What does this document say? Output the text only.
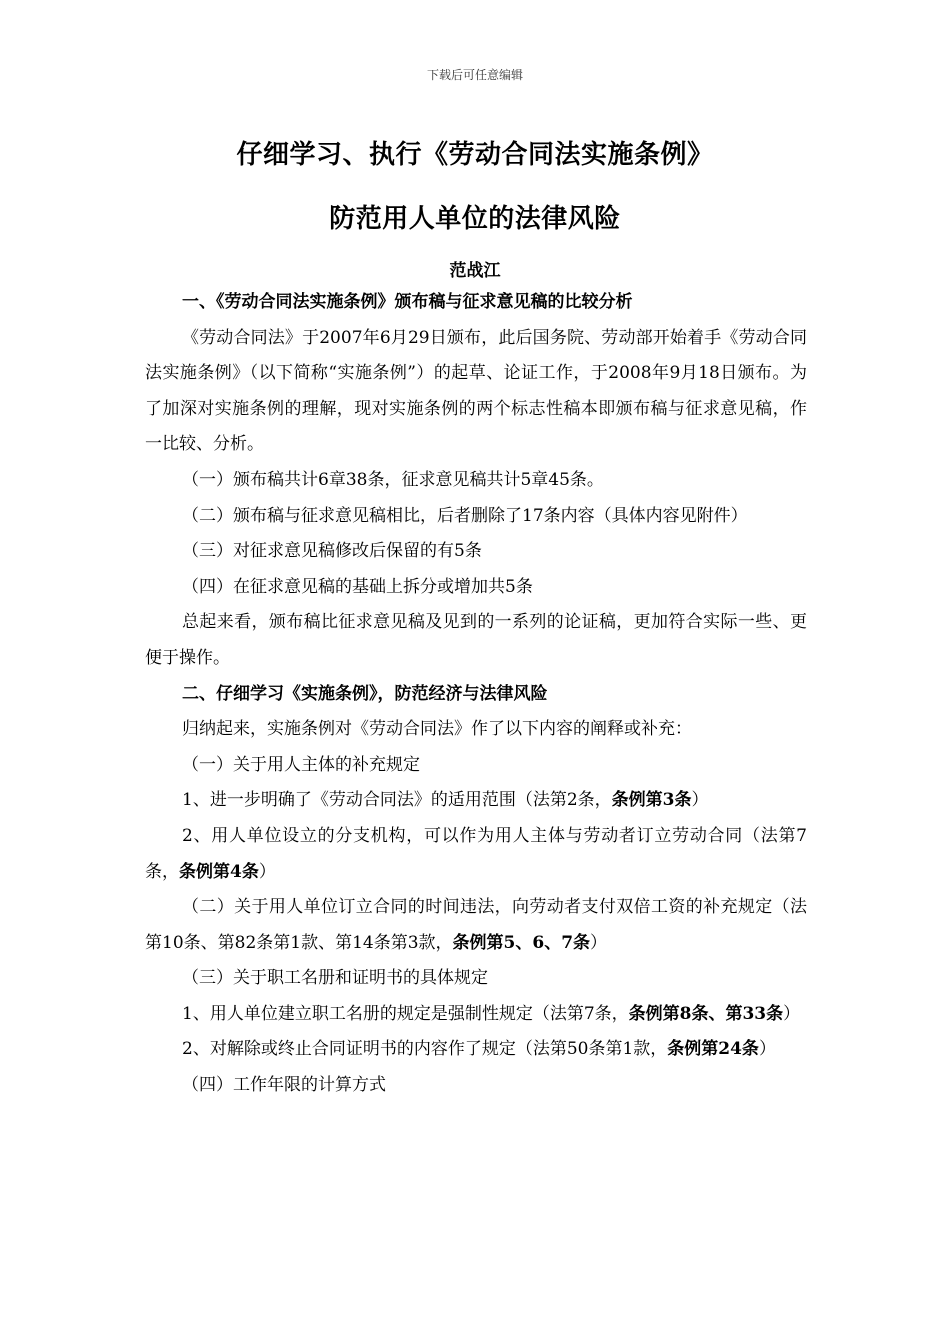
下载后可任意编辑
仔细学习、执行《劳动合同法实施条例》
防范用人单位的法律风险
范战江

一、《劳动合同法实施条例》颁布稿与征求意见稿的比较分析

《劳动合同法》于2007年6月29日颁布，此后国务院、劳动部开始着手《劳动合同法实施条例》（以下简称“实施条例”）的起草、论证工作，于2008年9月18日颁布。为了加深对实施条例的理解，现对实施条例的两个标志性稿本即颁布稿与征求意见稿，作一比较、分析。

（一）颁布稿共计6章38条，征求意见稿共计5章45条。

（二）颁布稿与征求意见稿相比，后者删除了17条内容（具体内容见附件）

（三）对征求意见稿修改后保留的有5条

（四）在征求意见稿的基础上拆分或增加共5条

总起来看，颁布稿比征求意见稿及见到的一系列的论证稿，更加符合实际一些、更便于操作。

二、仔细学习《实施条例》，防范经济与法律风险

归纳起来，实施条例对《劳动合同法》作了以下内容的阐释或补充：

（一）关于用人主体的补充规定

1、进一步明确了《劳动合同法》的适用范围（法第2条，条例第3条）

2、用人单位设立的分支机构，可以作为用人主体与劳动者订立劳动合同（法第7条，条例第4条）

（二）关于用人单位订立合同的时间违法，向劳动者支付双倍工资的补充规定（法第10条、第82条第1款、第14条第3款，条例第5、6、7条）

（三）关于职工名册和证明书的具体规定

1、用人单位建立职工名册的规定是强制性规定（法第7条，条例第8条、第33条）

2、对解除或终止合同证明书的内容作了规定（法第50条第1款，条例第24条）

（四）工作年限的计算方式
